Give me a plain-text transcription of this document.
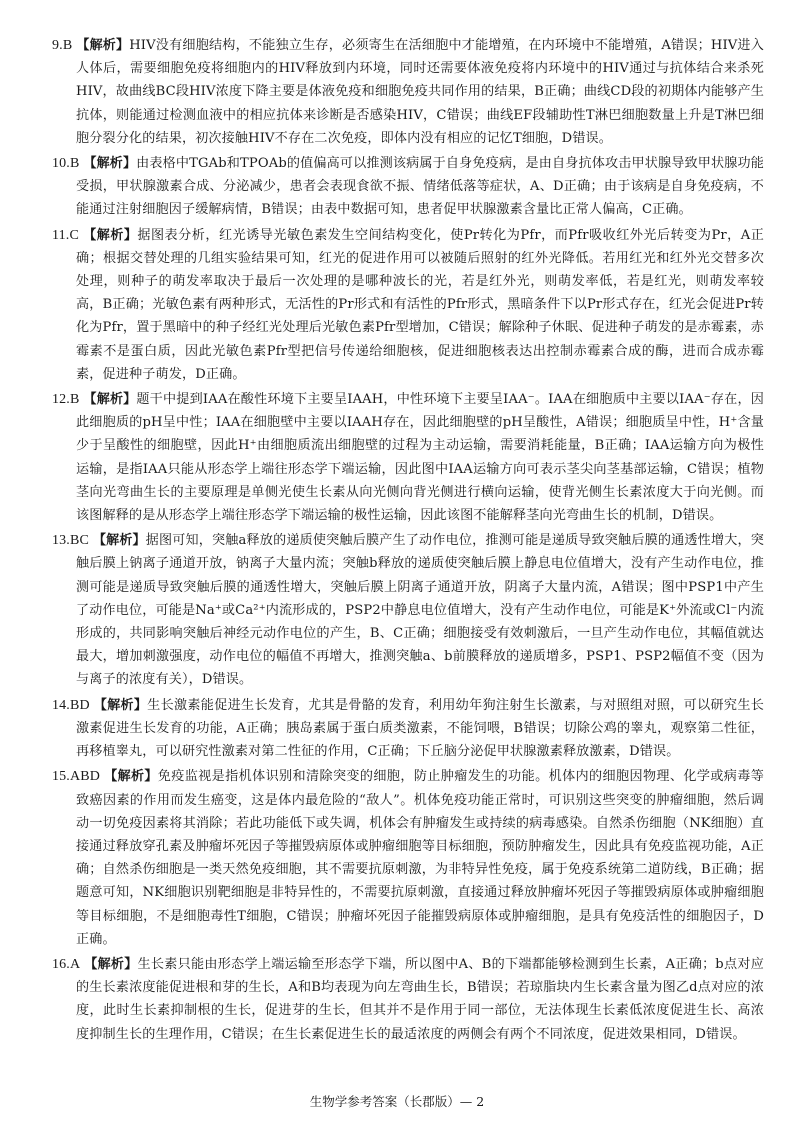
9.B 【解析】HIV没有细胞结构，不能独立生存，必须寄生在活细胞中才能增殖，在内环境中不能增殖，A错误；HIV进入人体后，需要细胞免疫将细胞内的HIV释放到内环境，同时还需要体液免疫将内环境中的HIV通过与抗体结合来杀死HIV，故曲线BC段HIV浓度下降主要是体液免疫和细胞免疫共同作用的结果，B正确；曲线CD段的初期体内能够产生抗体，则能通过检测血液中的相应抗体来诊断是否感染HIV，C错误；曲线EF段辅助性T淋巴细胞数量上升是T淋巴细胞分裂分化的结果，初次接触HIV不存在二次免疫，即体内没有相应的记忆T细胞，D错误。

10.B 【解析】由表格中TGAb和TPOAb的值偏高可以推测该病属于自身免疫病，是由自身抗体攻击甲状腺导致甲状腺功能受损，甲状腺激素合成、分泌减少，患者会表现食欲不振、情绪低落等症状，A、D正确；由于该病是自身免疫病，不能通过注射细胞因子缓解病情，B错误；由表中数据可知，患者促甲状腺激素含量比正常人偏高，C正确。

11.C 【解析】据图表分析，红光诱导光敏色素发生空间结构变化，使Pr转化为Pfr，而Pfr吸收红外光后转变为Pr，A正确；根据交替处理的几组实验结果可知，红光的促进作用可以被随后照射的红外光降低。若用红光和红外光交替多次处理，则种子的萌发率取决于最后一次处理的是哪种波长的光，若是红外光，则萌发率低，若是红光，则萌发率较高，B正确；光敏色素有两种形式，无活性的Pr形式和有活性的Pfr形式，黑暗条件下以Pr形式存在，红光会促进Pr转化为Pfr，置于黑暗中的种子经红光处理后光敏色素Pfr型增加，C错误；解除种子休眠、促进种子萌发的是赤霉素，赤霉素不是蛋白质，因此光敏色素Pfr型把信号传递给细胞核，促进细胞核表达出控制赤霉素合成的酶，进而合成赤霉素，促进种子萌发，D正确。

12.B 【解析】题干中提到IAA在酸性环境下主要呈IAAH，中性环境下主要呈IAA⁻。IAA在细胞质中主要以IAA⁻存在，因此细胞质的pH呈中性；IAA在细胞壁中主要以IAAH存在，因此细胞壁的pH呈酸性，A错误；细胞质呈中性，H⁺含量少于呈酸性的细胞壁，因此H⁺由细胞质流出细胞壁的过程为主动运输，需要消耗能量，B正确；IAA运输方向为极性运输，是指IAA只能从形态学上端往形态学下端运输，因此图中IAA运输方向可表示茎尖向茎基部运输，C错误；植物茎向光弯曲生长的主要原理是单侧光使生长素从向光侧向背光侧进行横向运输，使背光侧生长素浓度大于向光侧。而该图解释的是从形态学上端往形态学下端运输的极性运输，因此该图不能解释茎向光弯曲生长的机制，D错误。

13.BC 【解析】据图可知，突触a释放的递质使突触后膜产生了动作电位，推测可能是递质导致突触后膜的通透性增大，突触后膜上钠离子通道开放，钠离子大量内流；突触b释放的递质使突触后膜上静息电位值增大，没有产生动作电位，推测可能是递质导致突触后膜的通透性增大，突触后膜上阴离子通道开放，阴离子大量内流，A错误；图中PSP1中产生了动作电位，可能是Na⁺或Ca²⁺内流形成的，PSP2中静息电位值增大，没有产生动作电位，可能是K⁺外流或Cl⁻内流形成的，共同影响突触后神经元动作电位的产生，B、C正确；细胞接受有效刺激后，一旦产生动作电位，其幅值就达最大，增加刺激强度，动作电位的幅值不再增大，推测突触a、b前膜释放的递质增多，PSP1、PSP2幅值不变（因为与离子的浓度有关），D错误。

14.BD 【解析】生长激素能促进生长发育，尤其是骨骼的发育，利用幼年狗注射生长激素，与对照组对照，可以研究生长激素促进生长发育的功能，A正确；胰岛素属于蛋白质类激素，不能饲喂，B错误；切除公鸡的睾丸，观察第二性征，再移植睾丸，可以研究性激素对第二性征的作用，C正确；下丘脑分泌促甲状腺激素释放激素，D错误。

15.ABD 【解析】免疫监视是指机体识别和清除突变的细胞，防止肿瘤发生的功能。机体内的细胞因物理、化学或病毒等致癌因素的作用而发生癌变，这是体内最危险的“敌人”。机体免疫功能正常时，可识别这些突变的肿瘤细胞，然后调动一切免疫因素将其消除；若此功能低下或失调，机体会有肿瘤发生或持续的病毒感染。自然杀伤细胞（NK细胞）直接通过释放穿孔素及肿瘤坏死因子等摧毁病原体或肿瘤细胞等目标细胞，预防肿瘤发生，因此具有免疫监视功能，A正确；自然杀伤细胞是一类天然免疫细胞，其不需要抗原刺激，为非特异性免疫，属于免疫系统第二道防线，B正确；据题意可知，NK细胞识别靶细胞是非特异性的，不需要抗原刺激，直接通过释放肿瘤坏死因子等摧毁病原体或肿瘤细胞等目标细胞，不是细胞毒性T细胞，C错误；肿瘤坏死因子能摧毁病原体或肿瘤细胞，是具有免疫活性的细胞因子，D正确。

16.A 【解析】生长素只能由形态学上端运输至形态学下端，所以图中A、B的下端都能够检测到生长素，A正确；b点对应的生长素浓度能促进根和芽的生长，A和B均表现为向左弯曲生长，B错误；若琼脂块内生长素含量为图乙d点对应的浓度，此时生长素抑制根的生长，促进芽的生长，但其并不是作用于同一部位，无法体现生长素低浓度促进生长、高浓度抑制生长的生理作用，C错误；在生长素促进生长的最适浓度的两侧会有两个不同浓度，促进效果相同，D错误。

生物学参考答案（长郡版）— 2
